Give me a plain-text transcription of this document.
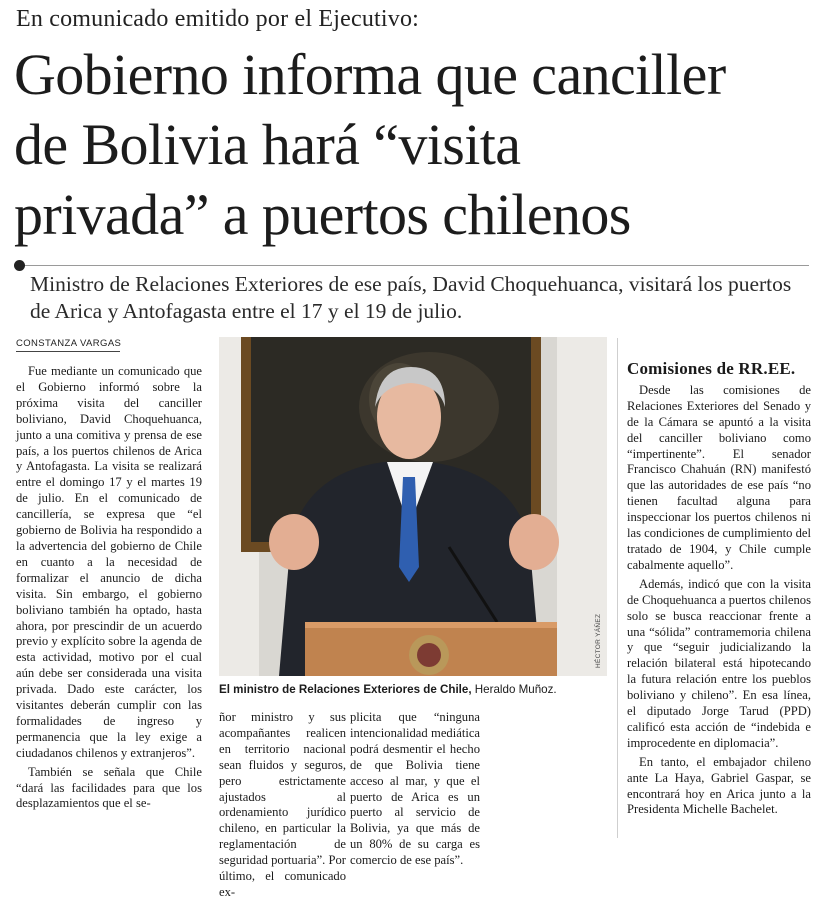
En comunicado emitido por el Ejecutivo:
Gobierno informa que canciller
de Bolivia hará “visita
privada” a puertos chilenos
Ministro de Relaciones Exteriores de ese país, David Choquehuanca, visitará los puertos de Arica y Antofagasta entre el 17 y el 19 de julio.
CONSTANZA VARGAS

Fue mediante un comunicado que el Gobierno informó sobre la próxima visita del canciller boliviano, David Choquehuanca, junto a una comitiva y prensa de ese país, a los puertos chilenos de Arica y Antofagasta. La visita se realizará entre el domingo 17 y el martes 19 de julio. En el comunicado de cancillería, se expresa que “el gobierno de Bolivia ha respondido a la advertencia del gobierno de Chile en cuanto a la necesidad de formalizar el anuncio de dicha visita. Sin embargo, el gobierno boliviano también ha optado, hasta ahora, por prescindir de un acuerdo previo y explícito sobre la agenda de esta actividad, motivo por el cual aún debe ser considerada una visita privada. Dado este carácter, los visitantes deberán cumplir con las formalidades de ingreso y permanencia que la ley exige a ciudadanos chilenos y extranjeros”.

También se señala que Chile “dará las facilidades para que los desplazamientos que el se-

HÉCTOR YÁÑEZ
El ministro de Relaciones Exteriores de Chile, Heraldo Muñoz.

ñor ministro y sus acompañantes realicen en territorio nacional sean fluidos y seguros, pero estrictamente ajustados al ordenamiento jurídico chileno, en particular la reglamentación de seguridad portuaria”. Por último, el comunicado ex-

plicita que “ninguna intencionalidad mediática podrá desmentir el hecho de que Bolivia tiene acceso al mar, y que el puerto de Arica es un puerto al servicio de Bolivia, ya que más de un 80% de su carga es comercio de ese país”.

Comisiones de RR.EE.

Desde las comisiones de Relaciones Exteriores del Senado y de la Cámara se apuntó a la visita del canciller boliviano como “impertinente”. El senador Francisco Chahuán (RN) manifestó que las autoridades de ese país “no tienen facultad alguna para inspeccionar los puertos chilenos ni las condiciones de cumplimiento del tratado de 1904, y Chile cumple cabalmente aquello”.

Además, indicó que con la visita de Choquehuanca a puertos chilenos solo se busca reaccionar frente a una “sólida” contramemoria chilena y que “seguir judicializando la relación bilateral está hipotecando la futura relación entre los pueblos boliviano y chileno”. En esa línea, el diputado Jorge Tarud (PPD) calificó esta acción de “indebida e improcedente en diplomacia”.

En tanto, el embajador chileno ante La Haya, Gabriel Gaspar, se encontrará hoy en Arica junto a la Presidenta Michelle Bachelet.
